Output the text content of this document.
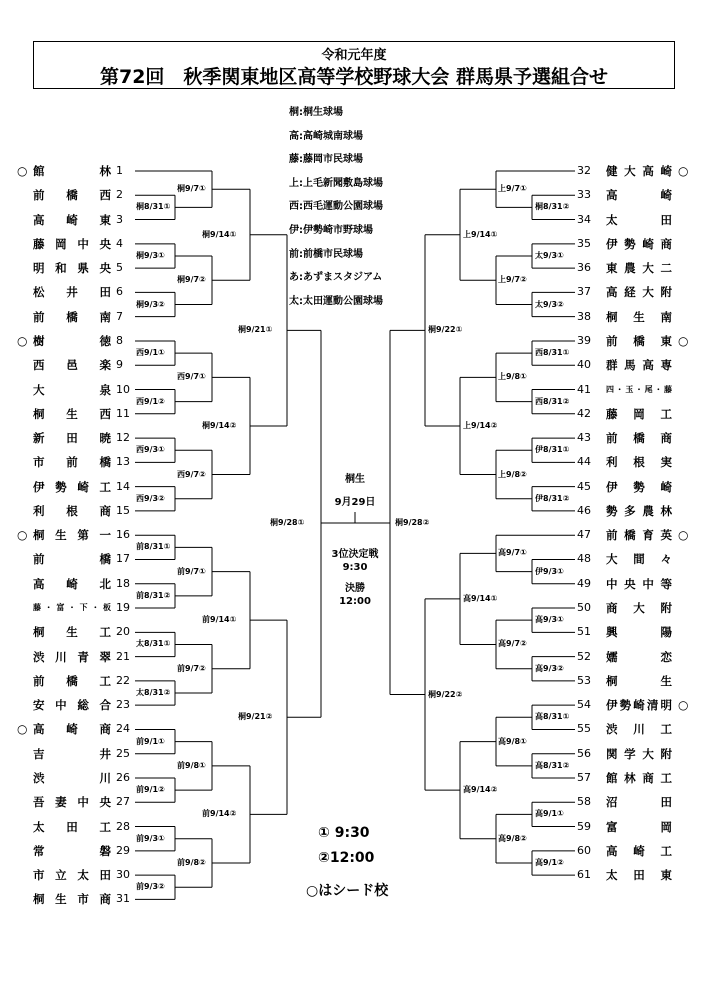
令和元年度
第72回　秋季関東地区高等学校野球大会 群馬県予選組合せ
桐:桐生球場
高:高崎城南球場
藤:藤岡市民球場
上:上毛新聞敷島球場
西:西毛運動公園球場
伊:伊勢崎市野球場
前:前橋市民球場
あ:あずまスタジアム
太:太田運動公園球場
○ 館林 1
前橋西 2
高崎東 3
藤岡中央 4
明和県央 5
松井田 6
前橋南 7
○ 樹徳 8
西邑楽 9
大泉 10
桐生西 11
新田暁 12
市前橋 13
伊勢崎工 14
利根商 15
○ 桐生第一 16
前橋 17
高崎北 18
藤・富・下・板 19
桐生工 20
渋川青翠 21
前橋工 22
安中総合 23
○ 高崎商 24
吉井 25
渋川 26
吾妻中央 27
太田工 28
常磐 29
市立太田 30
桐生市商 31
32	健大高崎 ○
33	高崎
34	太田
35	伊勢崎商
36	東農大二
37	高経大附
38	桐生南
39	前橋東 ○
40	群馬高専
41	四・玉・尾・藤
42	藤岡工
43	前橋商
44	利根実
45	伊勢崎
46	勢多農林
47	前橋育英 ○
48	大間々
49	中央中等
50	商大附
51	興陽
52	嬬恋
53	桐生
54	伊勢崎清明 ○
55	渋川工
56	関学大附
57	館林商工
58	沼田
59	富岡
60	高崎工
61	太田東
桐8/31①
桐9/7①
桐9/3①
桐9/3②
桐9/7②
桐9/14①
西9/1①
西9/1②
西9/7①
西9/3①
西9/3②
西9/7②
桐9/14②
桐9/21①
前8/31①
前8/31②
前9/7①
太8/31①
太8/31②
前9/7②
前9/14①
前9/1①
前9/1②
前9/8①
前9/3①
前9/3②
前9/8②
前9/14②
桐9/21②
桐9/28①
桐8/31②
上9/7①
太9/3①
太9/3②
上9/7②
上9/14①
西8/31①
西8/31②
上9/8①
伊8/31①
伊8/31②
上9/8②
上9/14②
桐9/22①
伊9/3①
高9/7①
高9/3①
高9/3②
高9/7②
高9/14①
高8/31①
高8/31②
高9/8①
高9/1①
高9/1②
高9/8②
高9/14②
桐9/22②
桐9/28②
桐生
9月29日
3位決定戦
9:30
決勝
12:00
① 9:30
②12:00
○はシード校
